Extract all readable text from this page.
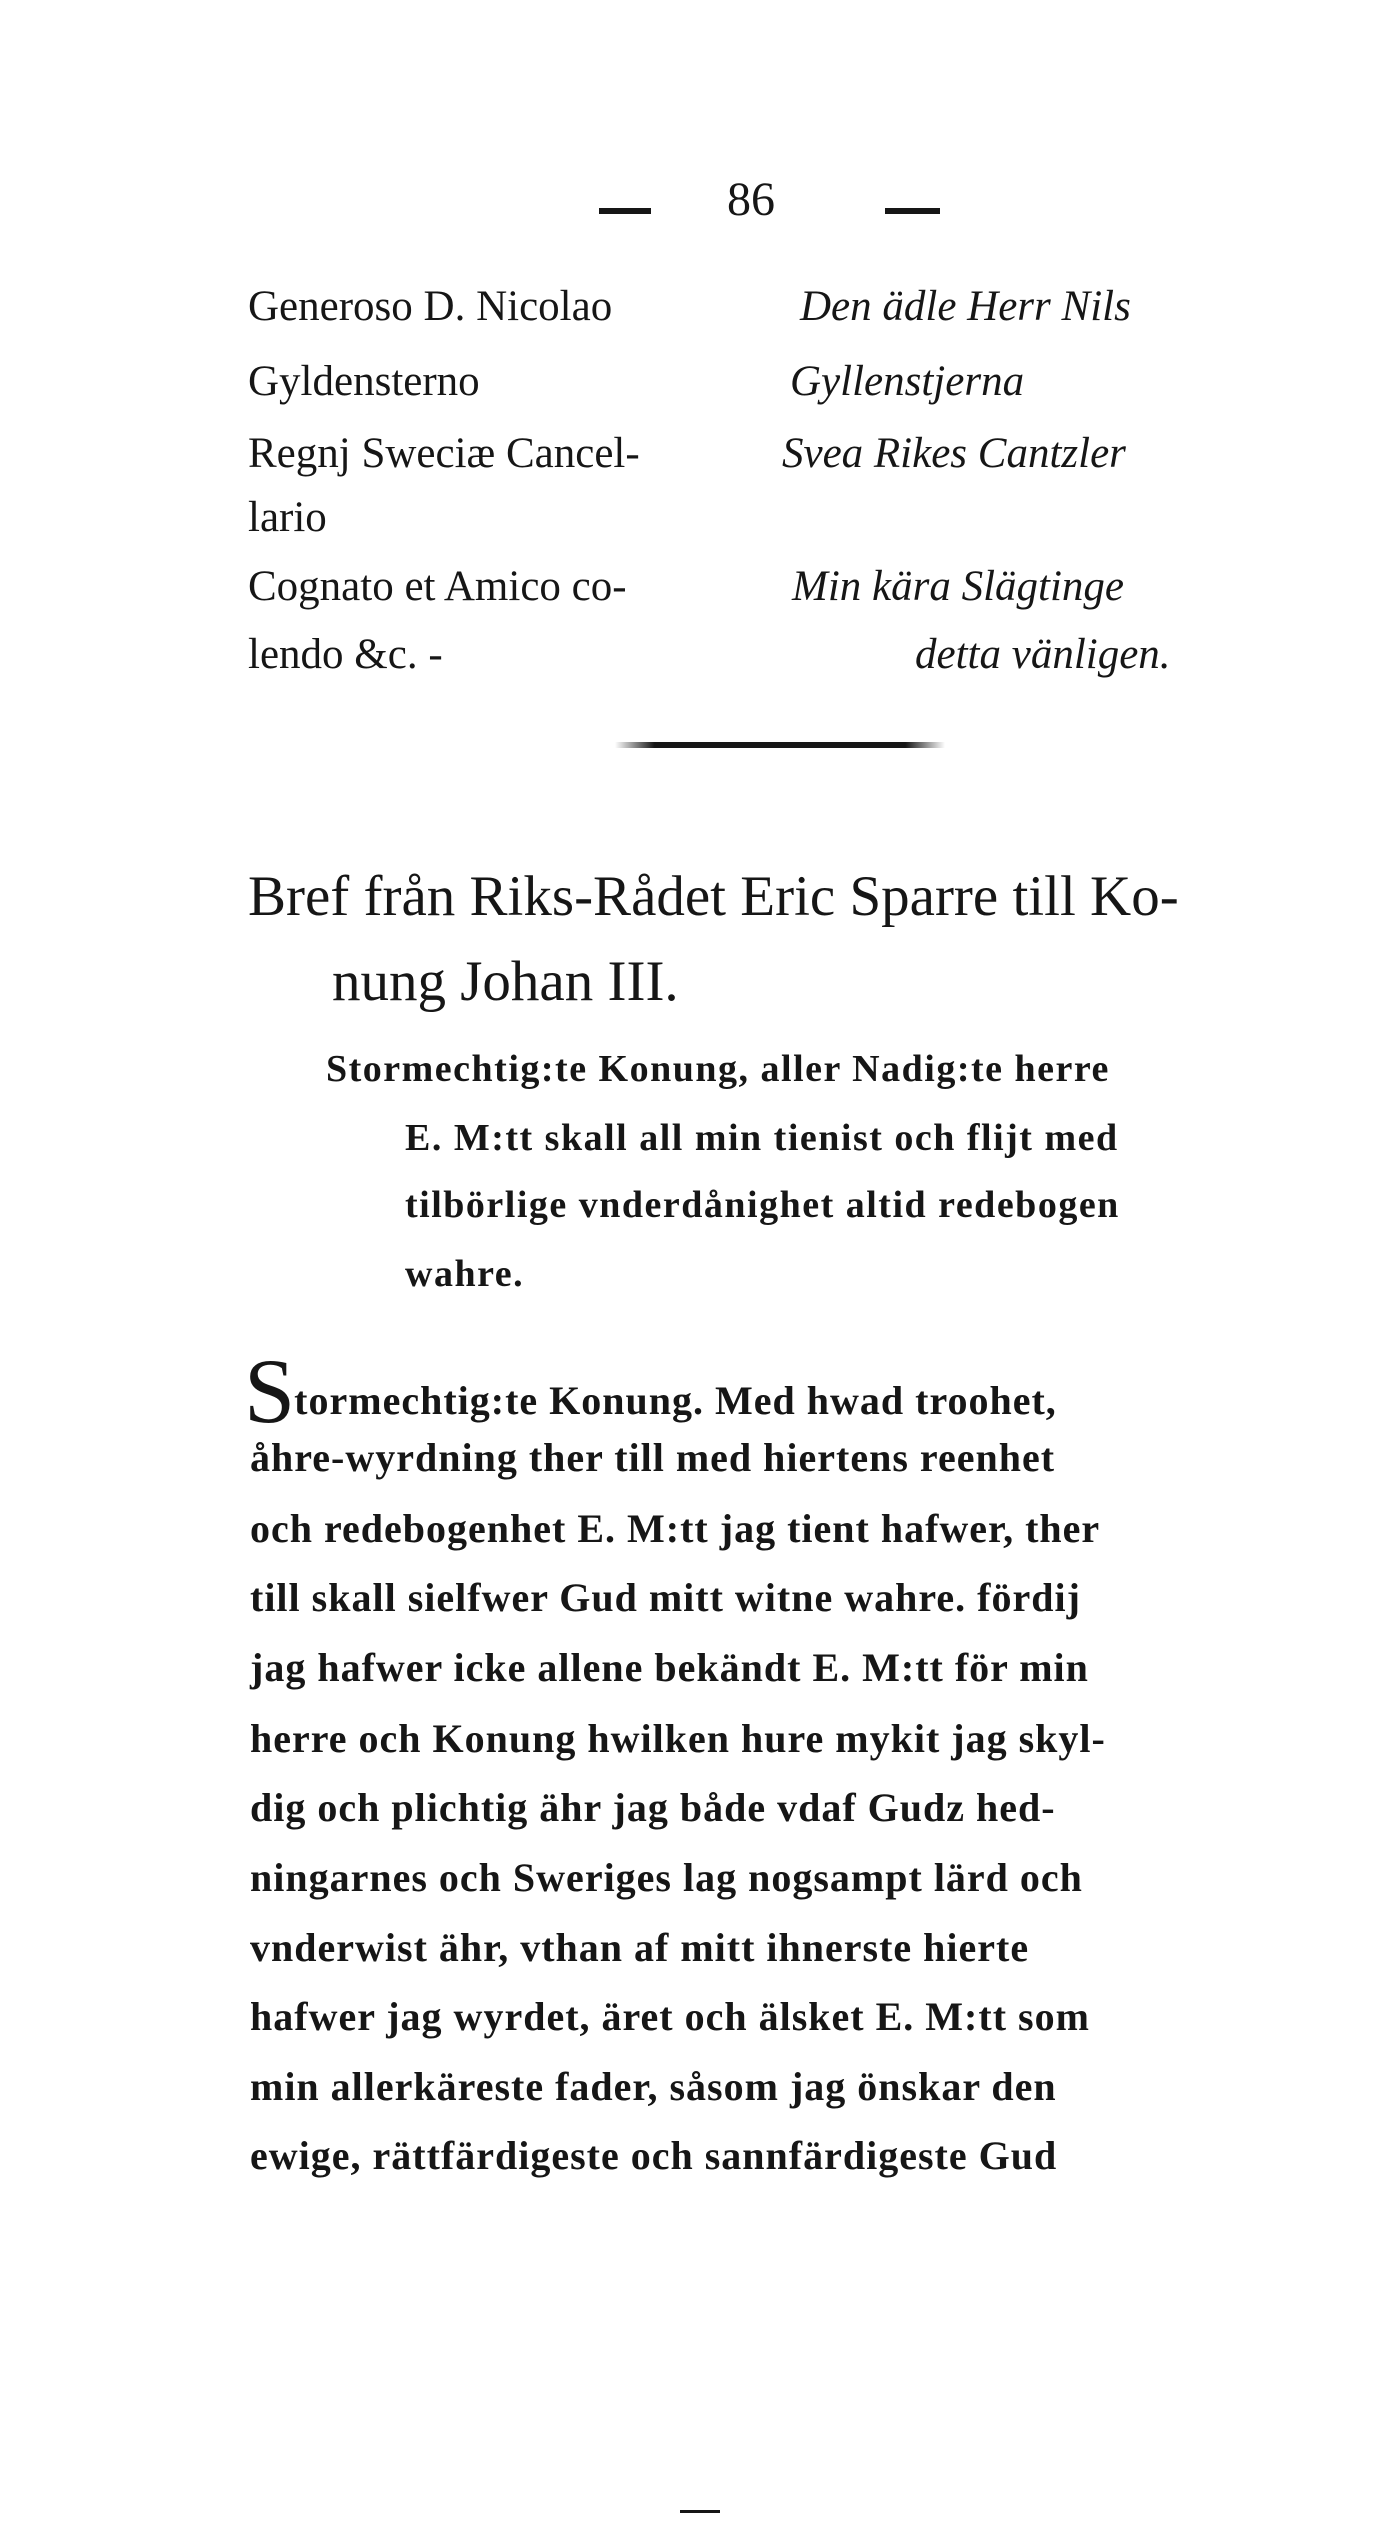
86
Generoso D. Nicolao
Gyldensterno
Regnj Sweciæ Cancel-
lario
Cognato et Amico co-
lendo &c. -
Den ädle Herr Nils
Gyllenstjerna
Svea Rikes Cantzler
Min kära Slägtinge
detta vänligen.
Bref från Riks-Rådet Eric Sparre till Ko-
nung Johan III.
Stormechtig:te Konung, aller Nadig:te herre
E. M:tt skall all min tienist och flijt med
tilbörlige vnderdånighet altid redebogen
wahre.
Stormechtig:te Konung. Med hwad troohet,
åhre-wyrdning ther till med hiertens reenhet
och redebogenhet E. M:tt jag tient hafwer, ther
till skall sielfwer Gud mitt witne wahre. fördij
jag hafwer icke allene bekändt E. M:tt för min
herre och Konung hwilken hure mykit jag skyl-
dig och plichtig ähr jag både vdaf Gudz hed-
ningarnes och Sweriges lag nogsampt lärd och
vnderwist ähr, vthan af mitt ihnerste hierte
hafwer jag wyrdet, äret och älsket E. M:tt som
min allerkäreste fader, såsom jag önskar den
ewige, rättfärdigeste och sannfärdigeste Gud
